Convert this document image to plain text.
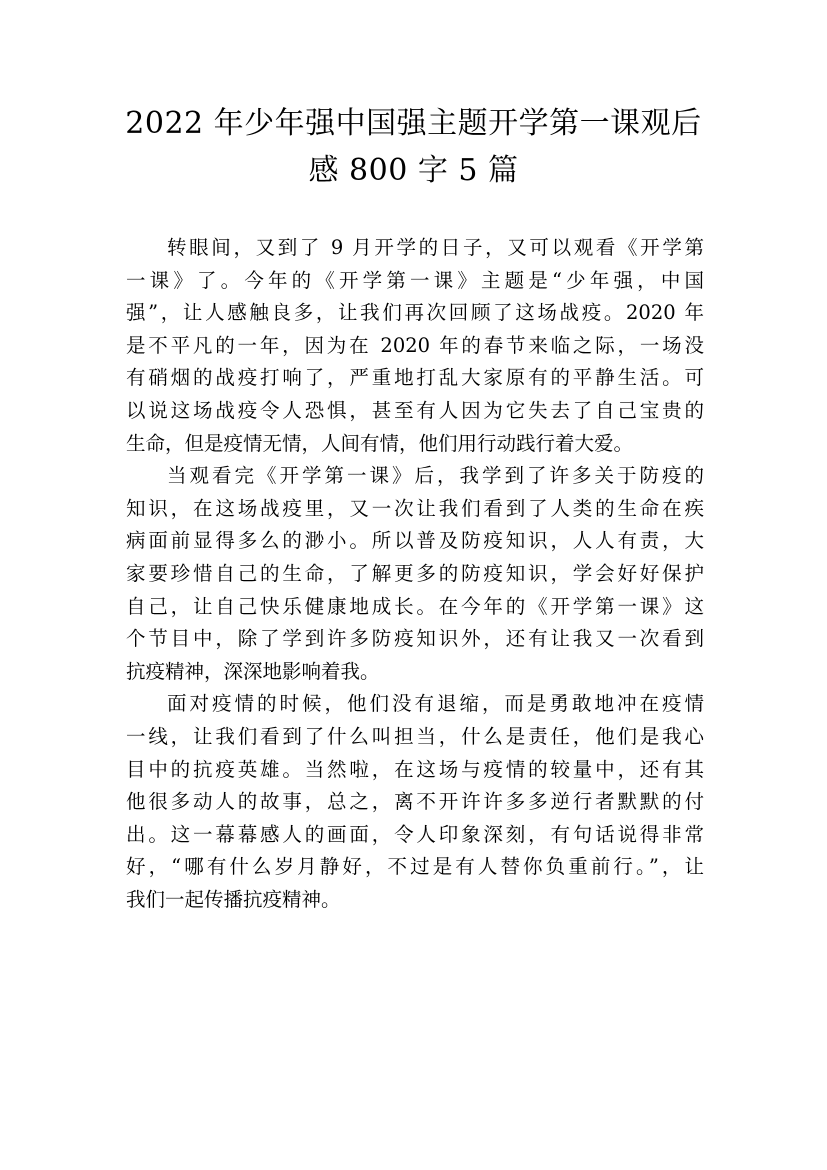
2022 年少年强中国强主题开学第一课观后
感 800 字 5 篇

转眼间，又到了 9 月开学的日子，又可以观看《开学第
一课》了。今年的《开学第一课》主题是“少年强，中国
强”，让人感触良多，让我们再次回顾了这场战疫。2020 年
是不平凡的一年，因为在 2020 年的春节来临之际，一场没
有硝烟的战疫打响了，严重地打乱大家原有的平静生活。可
以说这场战疫令人恐惧，甚至有人因为它失去了自己宝贵的
生命，但是疫情无情，人间有情，他们用行动践行着大爱。

当观看完《开学第一课》后，我学到了许多关于防疫的
知识，在这场战疫里，又一次让我们看到了人类的生命在疾
病面前显得多么的渺小。所以普及防疫知识，人人有责，大
家要珍惜自己的生命，了解更多的防疫知识，学会好好保护
自己，让自己快乐健康地成长。在今年的《开学第一课》这
个节目中，除了学到许多防疫知识外，还有让我又一次看到
抗疫精神，深深地影响着我。

面对疫情的时候，他们没有退缩，而是勇敢地冲在疫情
一线，让我们看到了什么叫担当，什么是责任，他们是我心
目中的抗疫英雄。当然啦，在这场与疫情的较量中，还有其
他很多动人的故事，总之，离不开许许多多逆行者默默的付
出。这一幕幕感人的画面，令人印象深刻，有句话说得非常
好，“哪有什么岁月静好，不过是有人替你负重前行。”，让
我们一起传播抗疫精神。
